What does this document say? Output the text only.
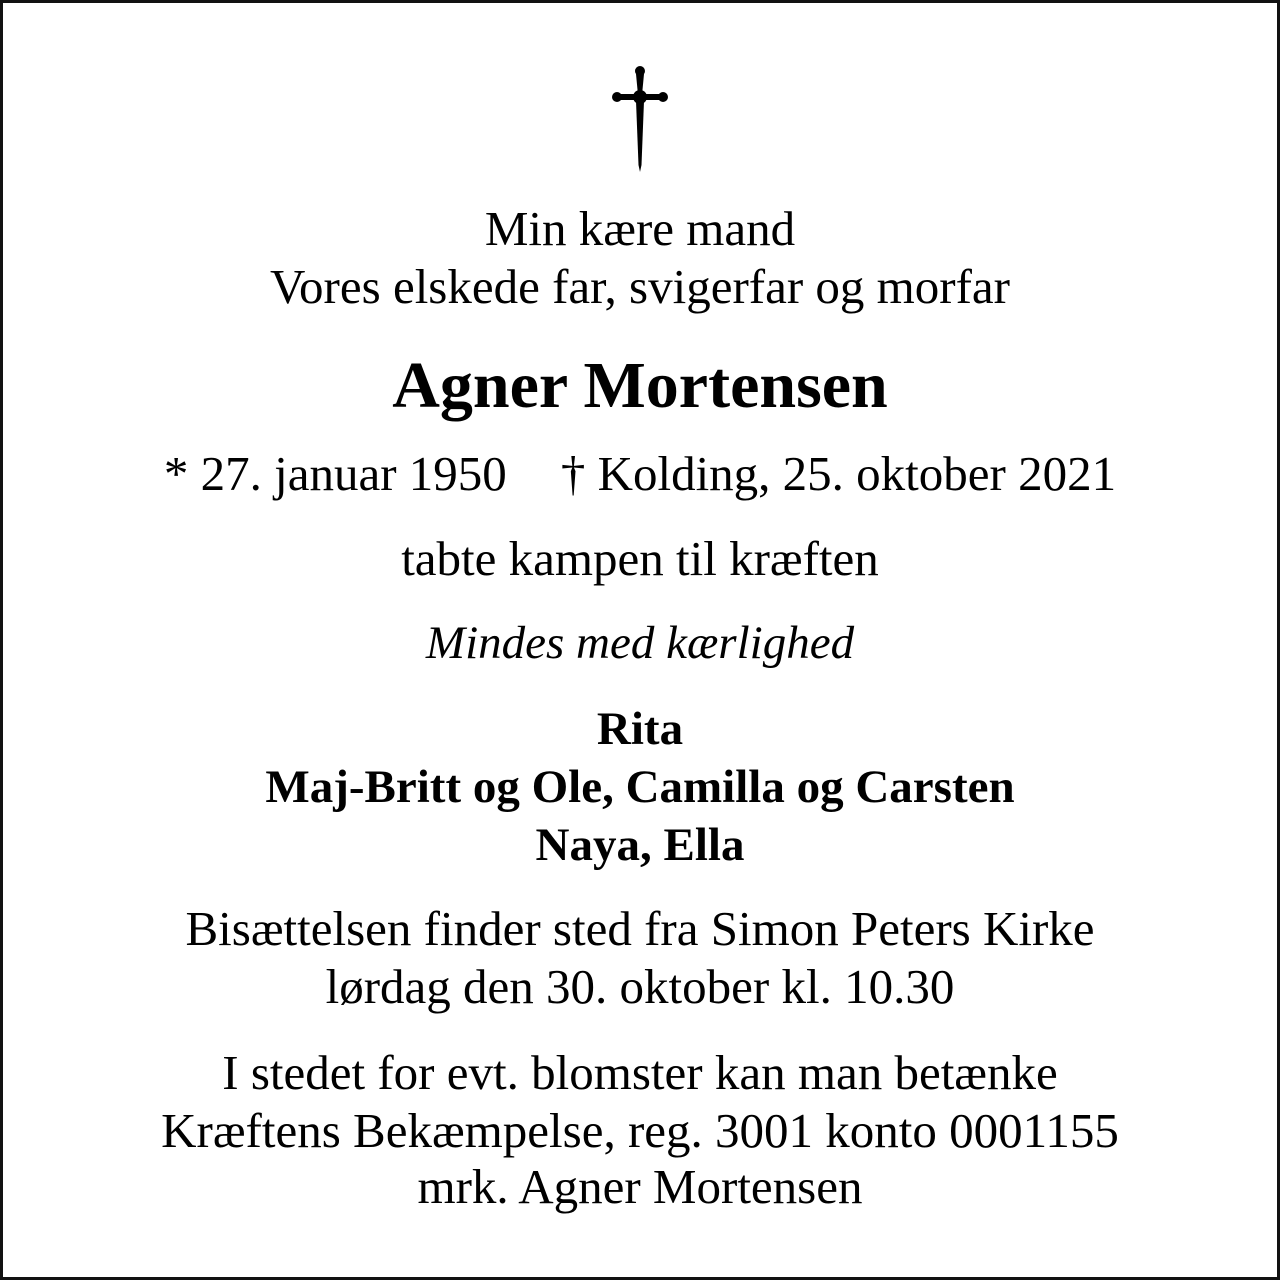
Min kære mand
Vores elskede far, svigerfar og morfar
Agner Mortensen
* 27. januar 1950 † Kolding, 25. oktober 2021
tabte kampen til kræften
Mindes med kærlighed
Rita
Maj-Britt og Ole, Camilla og Carsten
Naya, Ella
Bisættelsen finder sted fra Simon Peters Kirke
lørdag den 30. oktober kl. 10.30
I stedet for evt. blomster kan man betænke
Kræftens Bekæmpelse, reg. 3001 konto 0001155
mrk. Agner Mortensen
